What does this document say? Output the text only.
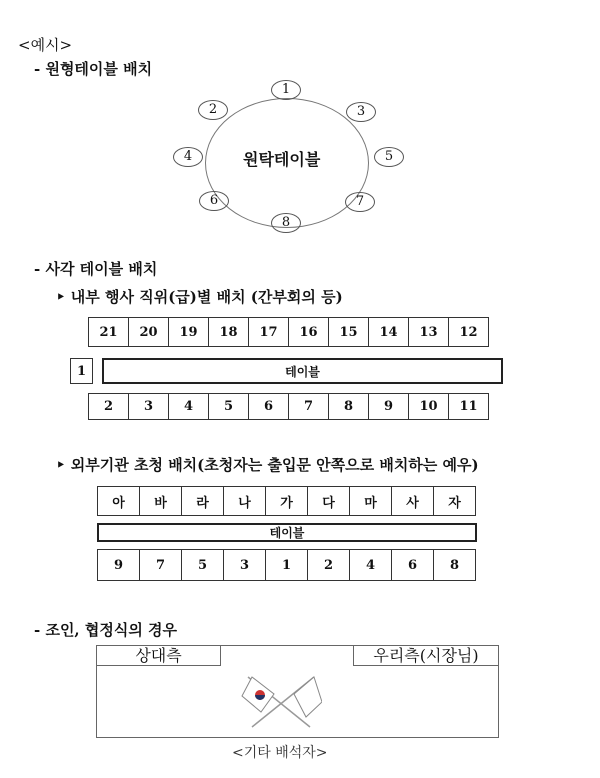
<예시>
- 원형테이블 배치
원탁테이블
1
2	3
4	5
6	7
8
- 사각 테이블 배치
‣ 내부 행사 직위(급)별 배치 (간부회의 등)
21	20	19	18	17	16	15	14	13	12
1	테이블
2	3	4	5	6	7	8	9	10	11
‣ 외부기관 초청 배치(초청자는 출입문 안쪽으로 배치하는 예우)
아	바	라	나	가	다	마	사	자
테이블
9	7	5	3	1	2	4	6	8
- 조인, 협정식의 경우
상대측	우리측(시장님)
<기타 배석자>
